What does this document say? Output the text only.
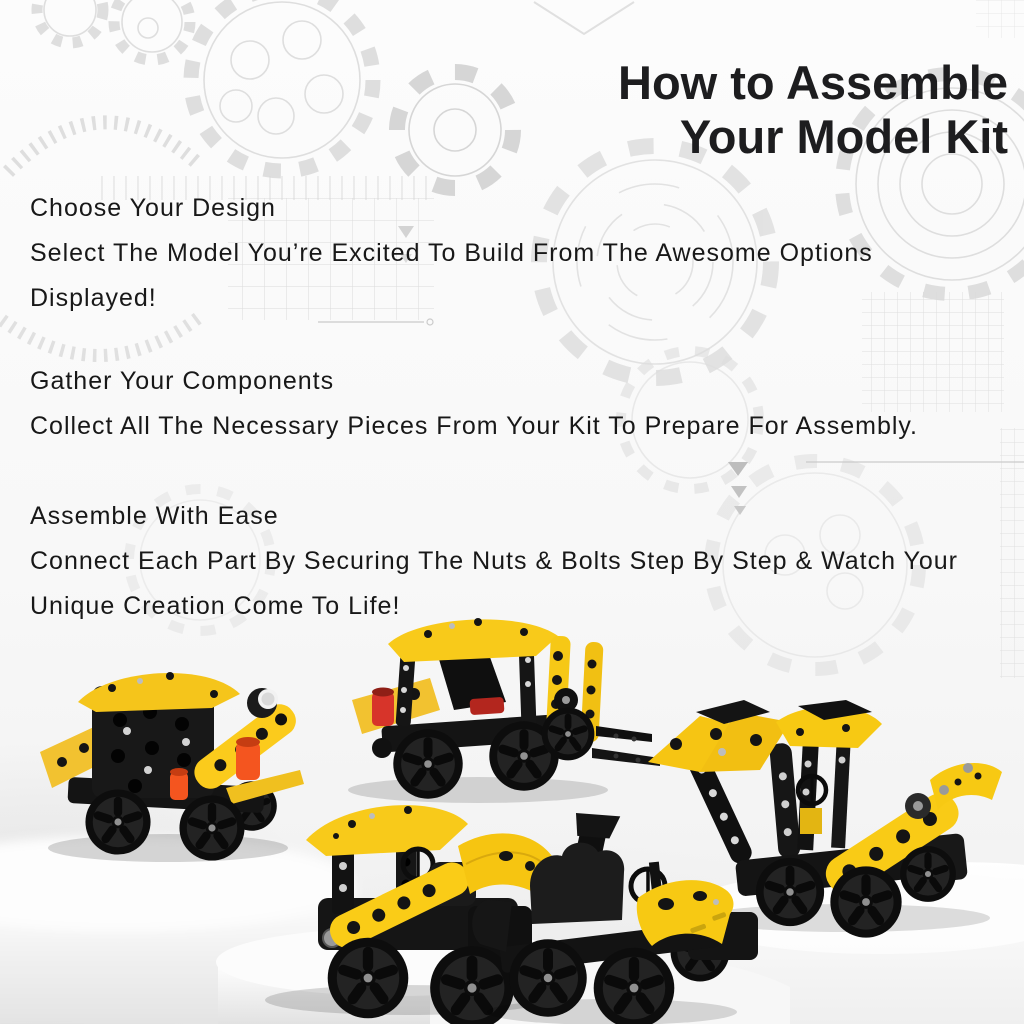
How to Assemble
Your Model Kit
Choose Your Design
Select The Model You’re Excited To Build From The Awesome Options
Displayed!
Gather Your Components
Collect All The Necessary Pieces From Your Kit To Prepare For Assembly.
Assemble With Ease
Connect Each Part By Securing The Nuts & Bolts Step By Step & Watch Your
Unique Creation Come To Life!
